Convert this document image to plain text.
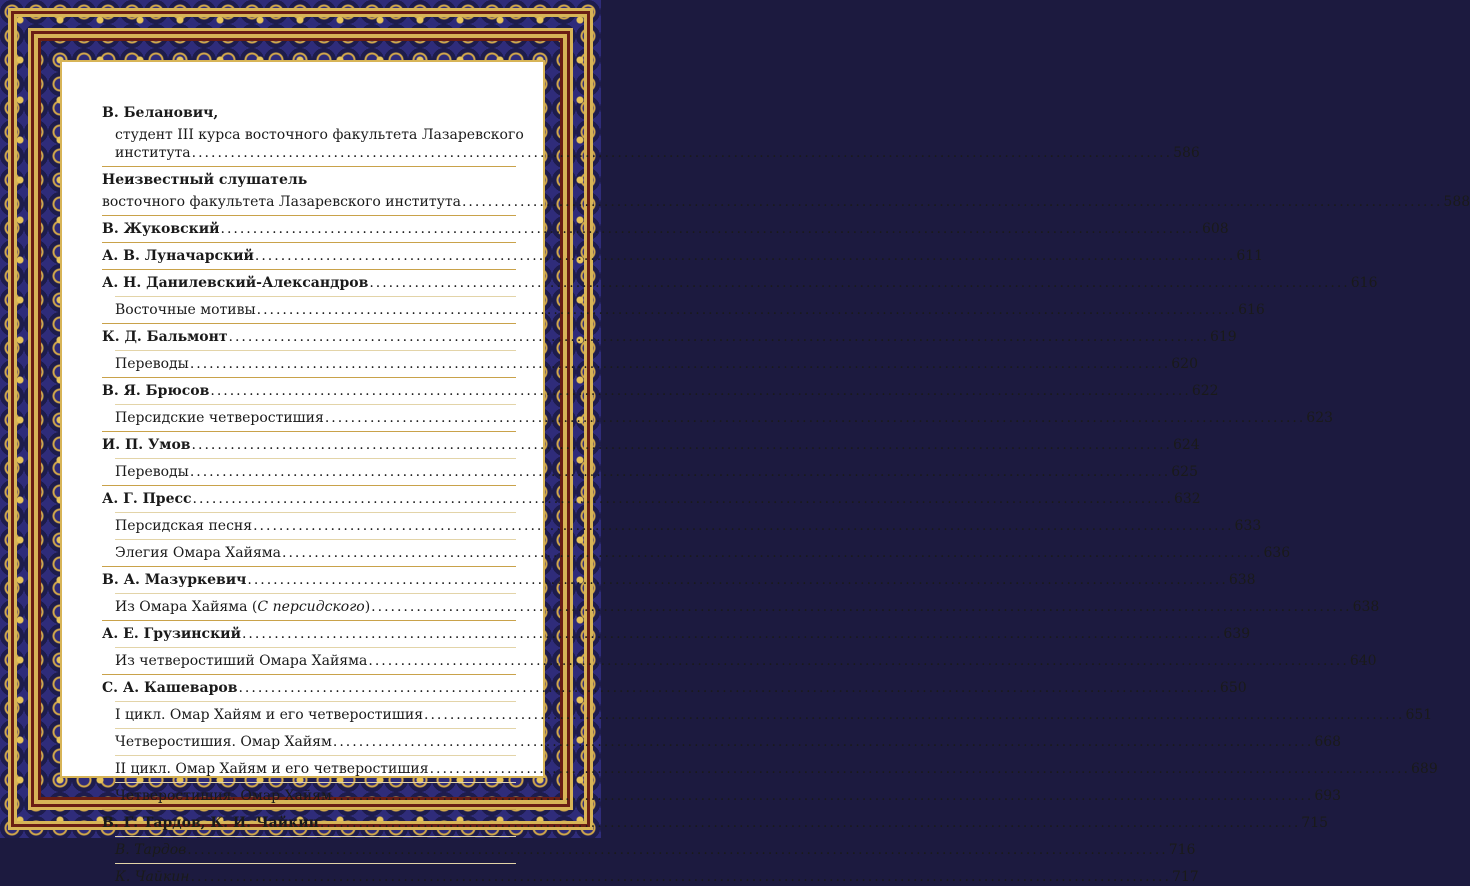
В. Беланович,
студент III курса восточного факультета Лазаревского
института .....	586
Неизвестный слушатель
восточного факультета Лазаревского института .....	588
В. Жуковский .....	608
А. В. Луначарский .....	611
А. Н. Данилевский-Александров .....	616
Восточные мотивы .....	616
К. Д. Бальмонт .....	619
Переводы .....	620
В. Я. Брюсов .....	622
Персидские четверостишия .....	623
И. П. Умов .....	624
Переводы .....	625
А. Г. Пресс .....	632
Персидская песня .....	633
Элегия Омара Хайяма .....	636
В. А. Мазуркевич .....	638
Из Омара Хайяма (С персидского) .....	638
А. Е. Грузинский .....	639
Из четверостиший Омара Хайяма .....	640
С. А. Кашеваров .....	650
I цикл. Омар Хайям и его четверостишия .....	651
Четверостишия. Омар Хайям .....	668
II цикл. Омар Хайям и его четверостишия .....	689
Четверостишия. Омар Хайям .....	693
В. Г. Тардов, К. И. Чайкин .....	715
В. Тардов .....	716
К. Чайкин .....	717
